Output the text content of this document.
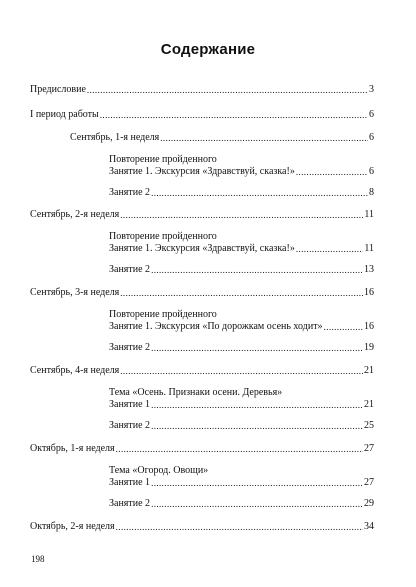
Содержание
Предисловие .....	3
I период работы .....	6
Сентябрь, 1-я неделя .....	6
Повторение пройденного
Занятие 1. Экскурсия «Здравствуй, сказка!» .....	6
Занятие 2 .....	8
Сентябрь, 2-я неделя .....	11
Повторение пройденного
Занятие 1. Экскурсия «Здравствуй, сказка!» .....	11
Занятие 2 .....	13
Сентябрь, 3-я неделя .....	16
Повторение пройденного
Занятие 1. Экскурсия «По дорожкам осень ходит» .....	16
Занятие 2 .....	19
Сентябрь, 4-я неделя .....	21
Тема «Осень. Признаки осени. Деревья»
Занятие 1 .....	21
Занятие 2 .....	25
Октябрь, 1-я неделя .....	27
Тема «Огород. Овощи»
Занятие 1 .....	27
Занятие 2 .....	29
Октябрь, 2-я неделя .....	34
198
